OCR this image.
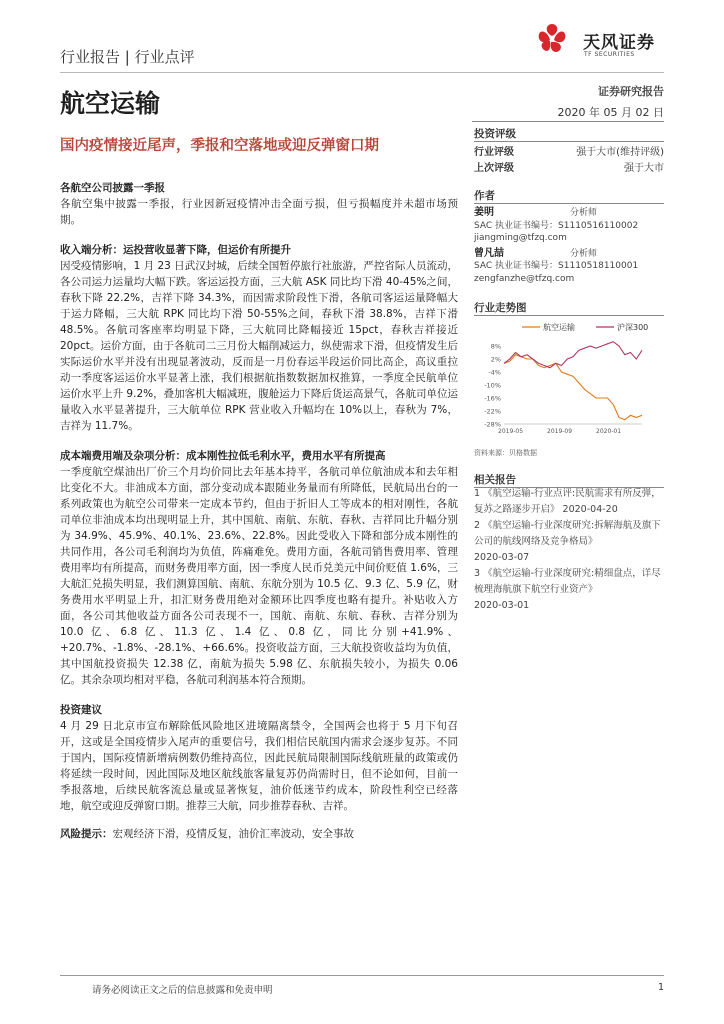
行业报告 | 行业点评
天风证券
TF SECURITIES
航空运输	证券研究报告
2020 年 05 月 02 日
国内疫情接近尾声，季报和空落地或迎反弹窗口期
各航空公司披露一季报
各航空集中披露一季报，行业因新冠疫情冲击全面亏损，但亏损幅度并未超市场预期。
收入端分析：运投营收显著下降，但运价有所提升
因受疫情影响，1 月 23 日武汉封城，后续全国暂停旅行社旅游，严控省际人员流动，各公司运力运量均大幅下跌。客运运投方面，三大航 ASK 同比均下滑 40-45%之间，春秋下降 22.2%，吉祥下降 34.3%，而因需求阶段性下滑，各航司客运运量降幅大于运力降幅，三大航 RPK 同比均下滑 50-55%之间，春秋下滑 38.8%，吉祥下滑 48.5%。各航司客座率均明显下降，三大航同比降幅接近 15pct，春秋吉祥接近 20pct。运价方面，由于各航司二三月份大幅削减运力，纵使需求下滑，但疫情发生后实际运价水平并没有出现显著波动，反而是一月份春运半段运价同比高企，高议重拉动一季度客运运价水平显著上涨，我们根据航指数数据加权推算，一季度全民航单位运价水平上升 9.2%，叠加客机大幅减班，腹舱运力下降后货运高景气，各航司单位运量收入水平显著提升，三大航单位 RPK 营业收入升幅均在 10%以上，春秋为 7%，吉祥为 11.7%。
成本端费用端及杂项分析：成本刚性拉低毛利水平，费用水平有所提高
一季度航空煤油出厂价三个月均价同比去年基本持平，各航司单位航油成本和去年相比变化不大。非油成本方面，部分变动成本跟随业务量而有所降低，民航局出台的一系列政策也为航空公司带来一定成本节约，但由于折旧人工等成本的相对刚性，各航司单位非油成本均出现明显上升，其中国航、南航、东航、春秋、吉祥同比升幅分别为 34.9%、45.9%、40.1%、23.6%、22.8%。因此受收入下降和部分成本刚性的共同作用，各公司毛利润均为负值，阵痛难免。费用方面，各航司销售费用率、管理费用率均有所提高，而财务费用率方面，因一季度人民币兑美元中间价贬值 1.6%，三大航汇兑损失明显，我们测算国航、南航、东航分别为 10.5 亿、9.3 亿、5.9 亿，财务费用水平明显上升，扣汇财务费用绝对金额环比四季度也略有提升。补贴收入方面，各公司其他收益方面各公司表现不一，国航、南航、东航、春秋、吉祥分别为 10.0 亿、6.8 亿、11.3 亿、1.4 亿、0.8 亿，同比分别+41.9%、+20.7%、-1.8%、-28.1%、+66.6%。投资收益方面，三大航投资收益均为负值，其中国航投资损失 12.38 亿，南航为损失 5.98 亿、东航损失较小，为损失 0.06 亿。其余杂项均相对平稳，各航司利润基本符合预期。
投资建议
4 月 29 日北京市宣布解除低风险地区进境隔离禁令，全国两会也将于 5 月下旬召开，这或是全国疫情步入尾声的重要信号，我们相信民航国内需求会逐步复苏。不同于国内，国际疫情新增病例数仍维持高位，因此民航局限制国际线航班量的政策或仍将延续一段时间，因此国际及地区航线旅客量复苏仍尚需时日，但不论如何，目前一季报落地，后续民航客流总量或显著恢复，油价低迷节约成本，阶段性利空已经落地，航空或迎反弹窗口期。推荐三大航，同步推荐春秋、吉祥。
风险提示：宏观经济下滑，疫情反复，油价汇率波动，安全事故
投资评级
行业评级	强于大市(维持评级)
上次评级	强于大市
作者
姜明	分析师
SAC 执业证书编号：S1110516110002
jiangming@tfzq.com
曾凡喆	分析师
SAC 执业证书编号：S1110518110001
zengfanzhe@tfzq.com
行业走势图
航空运输	沪深300
8%
2%
-4%
-10%
-16%
-22%
-28%
2019-05	2019-09	2020-01
资料来源：贝格数据
相关报告
1 《航空运输-行业点评:民航需求有所反弹，复苏之路逐步开启》 2020-04-20
2 《航空运输-行业深度研究:拆解海航及旗下公司的航线网络及竞争格局》
2020-03-07
3 《航空运输-行业深度研究:精细盘点，详尽梳理海航旗下航空行业资产》
2020-03-01
请务必阅读正文之后的信息披露和免责申明	1
